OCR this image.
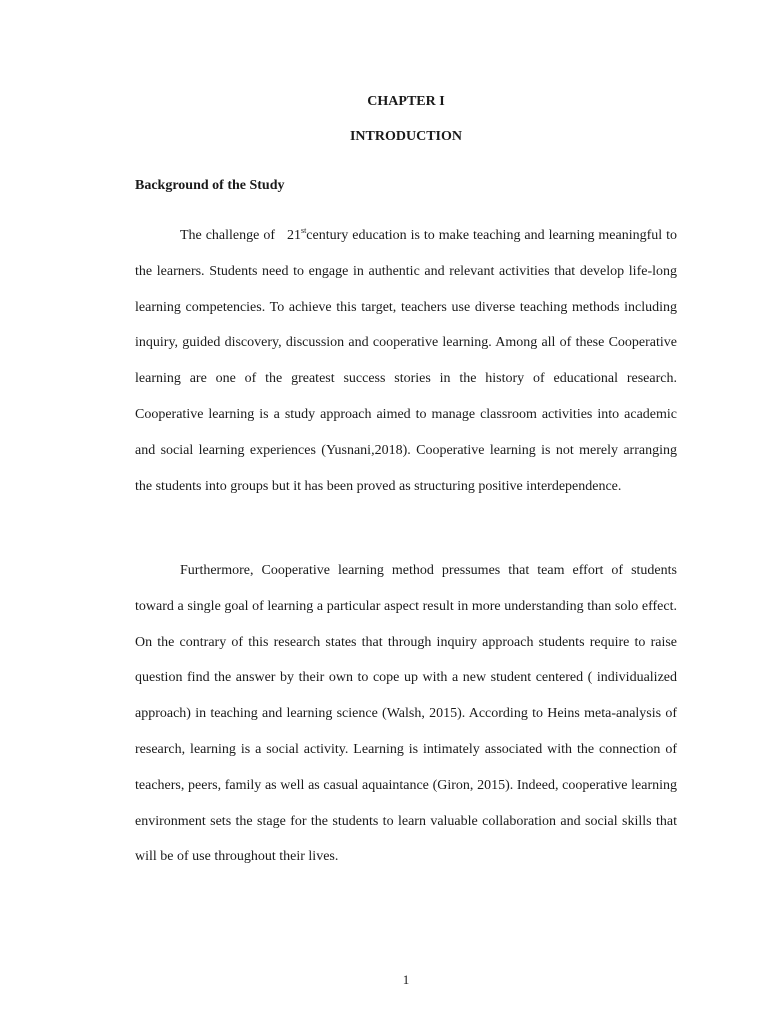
CHAPTER I
INTRODUCTION
Background of the Study

The challenge of 21stcentury education is to make teaching and learning meaningful to the learners. Students need to engage in authentic and relevant activities that develop life-long learning competencies. To achieve this target, teachers use diverse teaching methods including inquiry, guided discovery, discussion and cooperative learning. Among all of these Cooperative learning are one of the greatest success stories in the history of educational research. Cooperative learning is a study approach aimed to manage classroom activities into academic and social learning experiences (Yusnani,2018). Cooperative learning is not merely arranging the students into groups but it has been proved as structuring positive interdependence.

Furthermore, Cooperative learning method pressumes that team effort of students toward a single goal of learning a particular aspect result in more understanding than solo effect. On the contrary of this research states that through inquiry approach students require to raise question find the answer by their own to cope up with a new student centered ( individualized approach) in teaching and learning science (Walsh, 2015). According to Heins meta-analysis of research, learning is a social activity. Learning is intimately associated with the connection of teachers, peers, family as well as casual aquaintance (Giron, 2015). Indeed, cooperative learning environment sets the stage for the students to learn valuable collaboration and social skills that will be of use throughout their lives.

1
